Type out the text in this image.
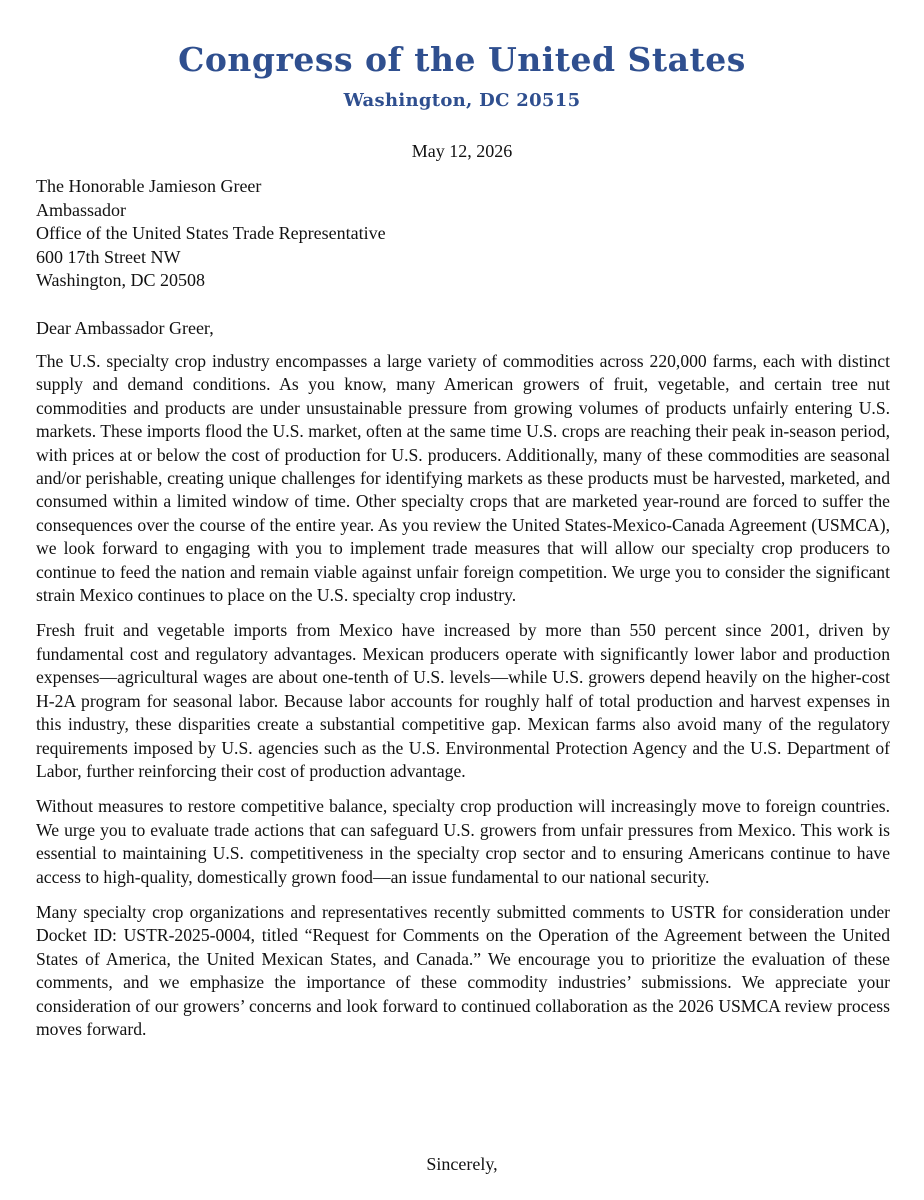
Congress of the United States
Washington, DC 20515
May 12, 2026
The Honorable Jamieson Greer
Ambassador
Office of the United States Trade Representative
600 17th Street NW
Washington, DC 20508
Dear Ambassador Greer,

The U.S. specialty crop industry encompasses a large variety of commodities across 220,000 farms, each with distinct supply and demand conditions. As you know, many American growers of fruit, vegetable, and certain tree nut commodities and products are under unsustainable pressure from growing volumes of products unfairly entering U.S. markets. These imports flood the U.S. market, often at the same time U.S. crops are reaching their peak in-season period, with prices at or below the cost of production for U.S. producers. Additionally, many of these commodities are seasonal and/or perishable, creating unique challenges for identifying markets as these products must be harvested, marketed, and consumed within a limited window of time. Other specialty crops that are marketed year-round are forced to suffer the consequences over the course of the entire year. As you review the United States-Mexico-Canada Agreement (USMCA), we look forward to engaging with you to implement trade measures that will allow our specialty crop producers to continue to feed the nation and remain viable against unfair foreign competition. We urge you to consider the significant strain Mexico continues to place on the U.S. specialty crop industry.

Fresh fruit and vegetable imports from Mexico have increased by more than 550 percent since 2001, driven by fundamental cost and regulatory advantages. Mexican producers operate with significantly lower labor and production expenses—agricultural wages are about one-tenth of U.S. levels—while U.S. growers depend heavily on the higher-cost H-2A program for seasonal labor. Because labor accounts for roughly half of total production and harvest expenses in this industry, these disparities create a substantial competitive gap. Mexican farms also avoid many of the regulatory requirements imposed by U.S. agencies such as the U.S. Environmental Protection Agency and the U.S. Department of Labor, further reinforcing their cost of production advantage.

Without measures to restore competitive balance, specialty crop production will increasingly move to foreign countries. We urge you to evaluate trade actions that can safeguard U.S. growers from unfair pressures from Mexico. This work is essential to maintaining U.S. competitiveness in the specialty crop sector and to ensuring Americans continue to have access to high-quality, domestically grown food—an issue fundamental to our national security.

Many specialty crop organizations and representatives recently submitted comments to USTR for consideration under Docket ID: USTR-2025-0004, titled “Request for Comments on the Operation of the Agreement between the United States of America, the United Mexican States, and Canada.” We encourage you to prioritize the evaluation of these comments, and we emphasize the importance of these commodity industries’ submissions. We appreciate your consideration of our growers’ concerns and look forward to continued collaboration as the 2026 USMCA review process moves forward.

Sincerely,
